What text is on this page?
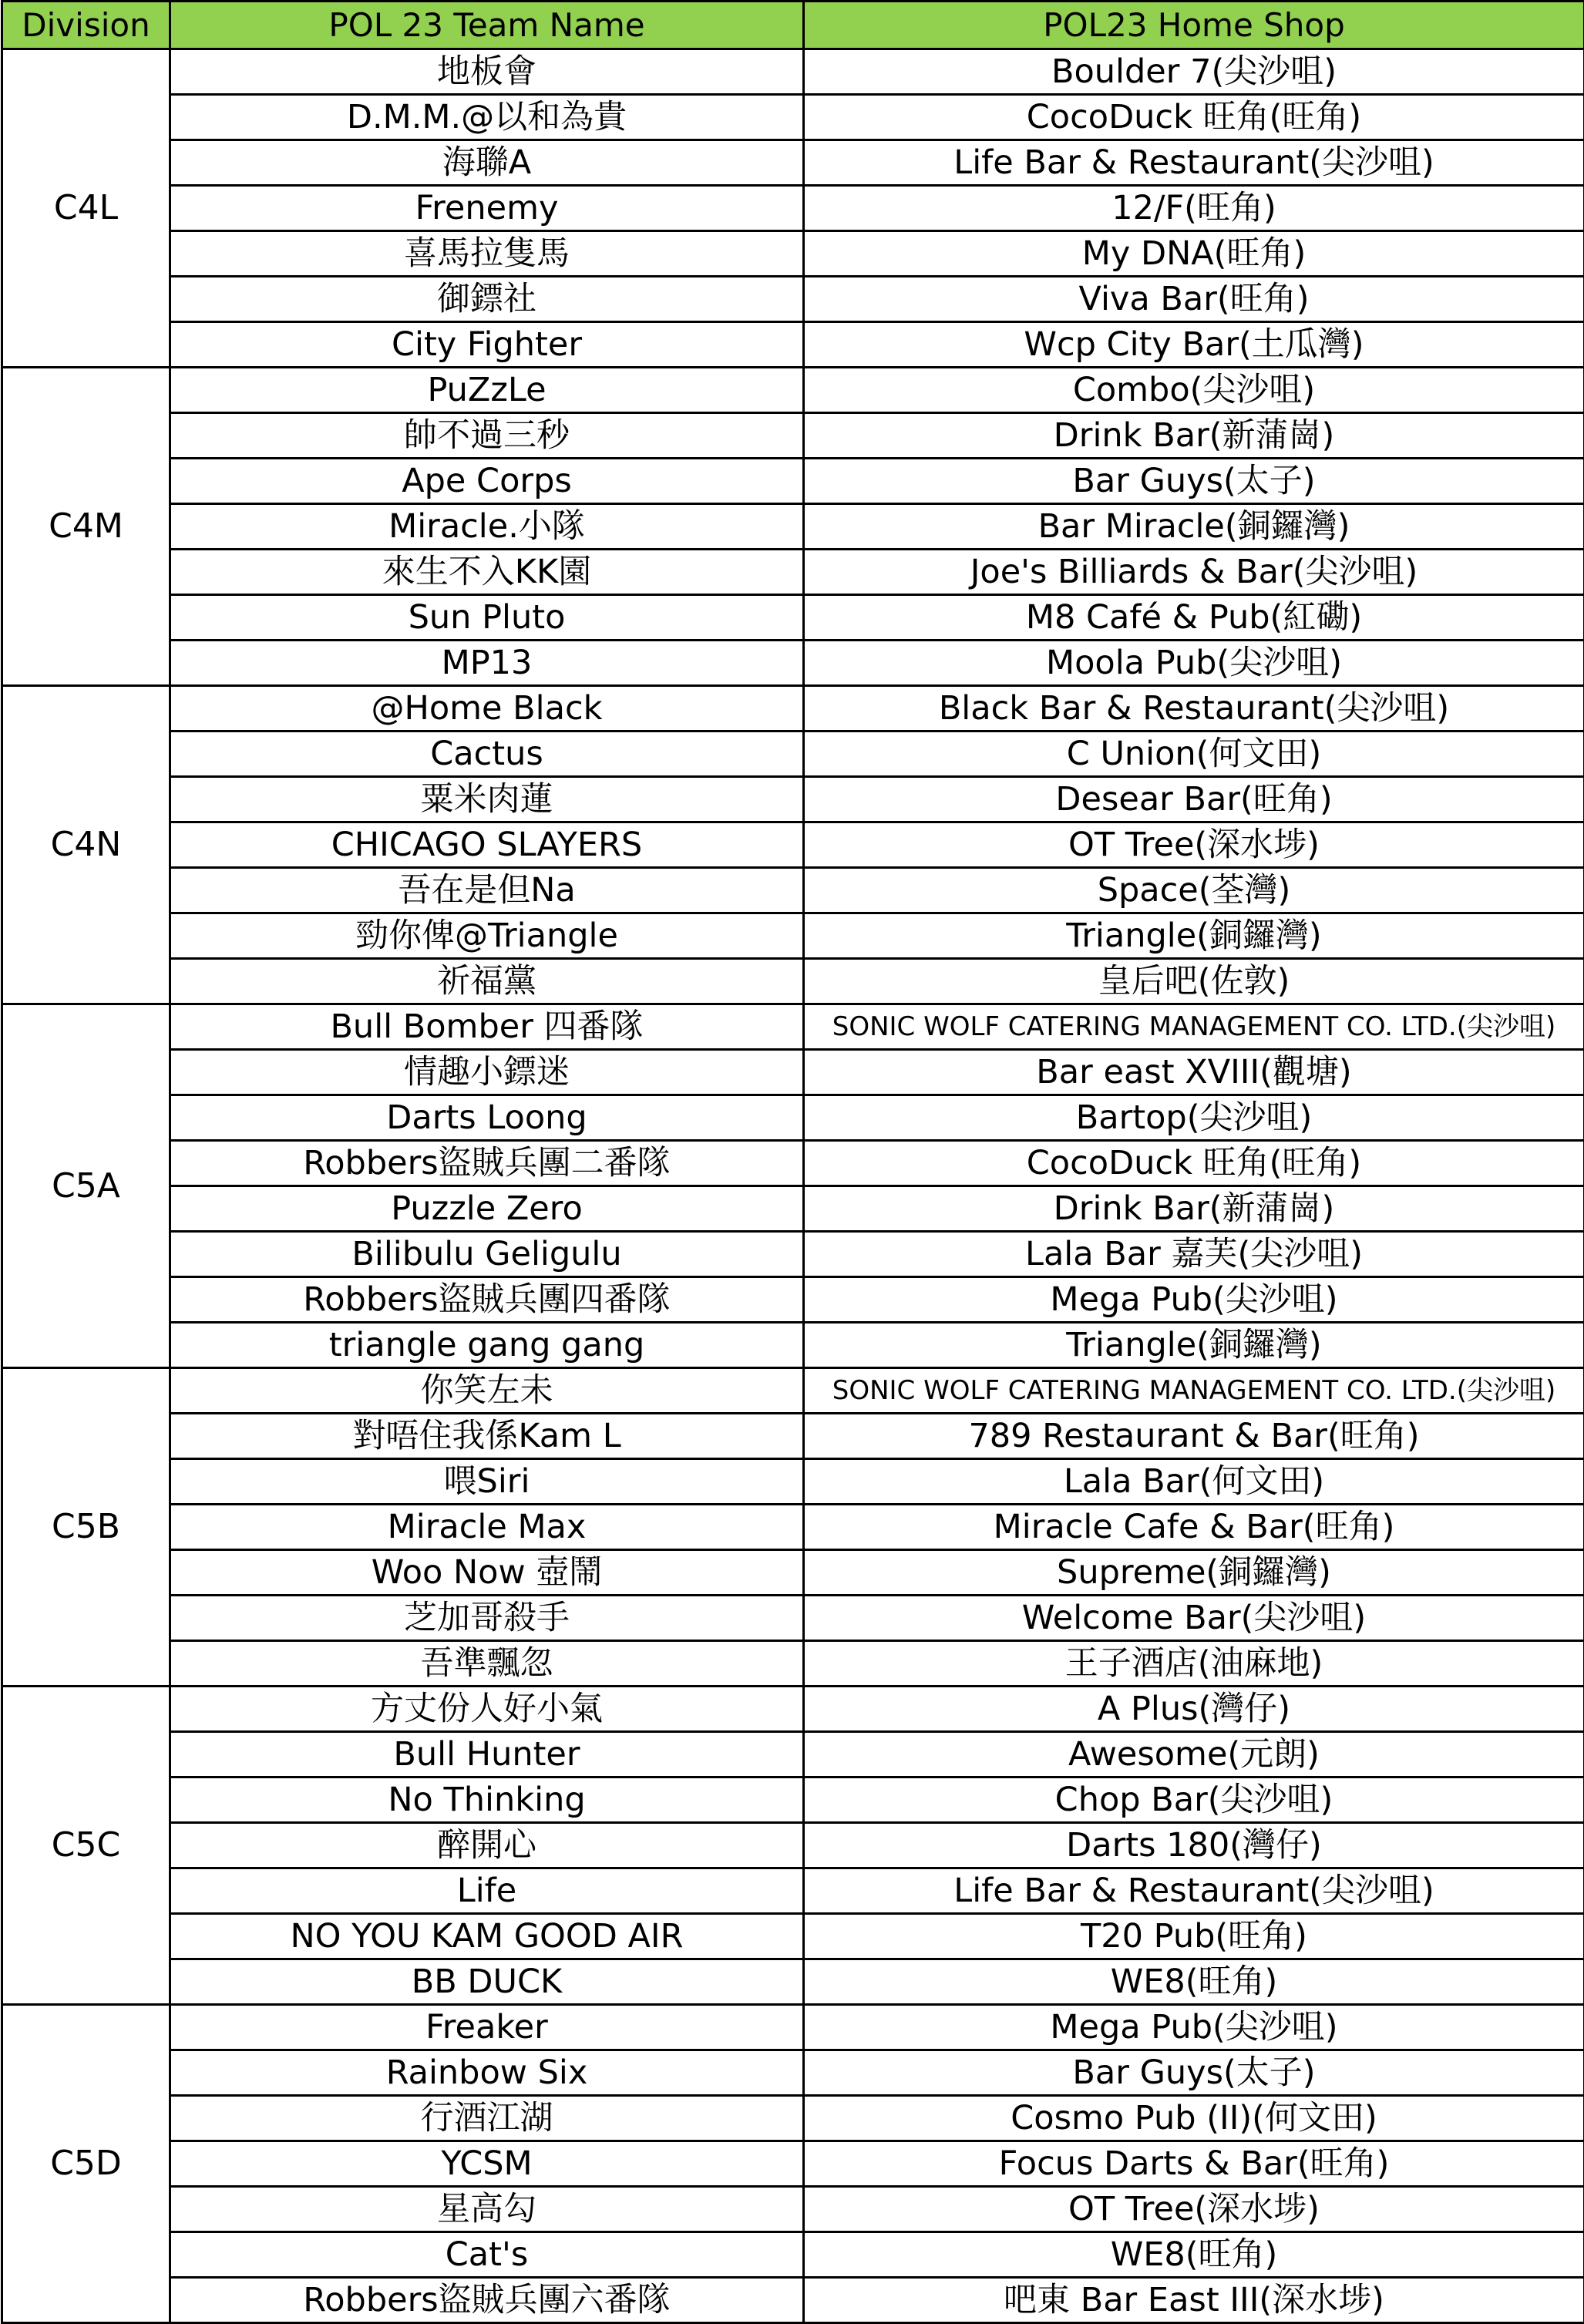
Division	POL 23 Team Name	POL23 Home Shop
C4L	地板會	Boulder 7(尖沙咀)
	D.M.M.@以和為貴	CocoDuck 旺角(旺角)
	海聯A	Life Bar & Restaurant(尖沙咀)
	Frenemy	12/F(旺角)
	喜馬拉隻馬	My DNA(旺角)
	御鏢社	Viva Bar(旺角)
	City Fighter	Wcp City Bar(土瓜灣)
C4M	PuZzLe	Combo(尖沙咀)
	帥不過三秒	Drink Bar(新蒲崗)
	Ape Corps	Bar Guys(太子)
	Miracle.小隊	Bar Miracle(銅鑼灣)
	來生不入KK園	Joe's Billiards & Bar(尖沙咀)
	Sun Pluto	M8 Café & Pub(紅磡)
	MP13	Moola Pub(尖沙咀)
C4N	@Home Black	Black Bar & Restaurant(尖沙咀)
	Cactus	C Union(何文田)
	粟米肉蓮	Desear Bar(旺角)
	CHICAGO SLAYERS	OT Tree(深水埗)
	吾在是但Na	Space(荃灣)
	勁你俾@Triangle	Triangle(銅鑼灣)
	祈福黨	皇后吧(佐敦)
C5A	Bull Bomber 四番隊	SONIC WOLF CATERING MANAGEMENT CO. LTD.(尖沙咀)
	情趣小鏢迷	Bar east XVIII(觀塘)
	Darts Loong	Bartop(尖沙咀)
	Robbers盜賊兵團二番隊	CocoDuck 旺角(旺角)
	Puzzle Zero	Drink Bar(新蒲崗)
	Bilibulu Geligulu	Lala Bar 嘉芙(尖沙咀)
	Robbers盜賊兵團四番隊	Mega Pub(尖沙咀)
	triangle gang gang	Triangle(銅鑼灣)
C5B	你笑左未	SONIC WOLF CATERING MANAGEMENT CO. LTD.(尖沙咀)
	對唔住我係Kam L	789 Restaurant & Bar(旺角)
	喂Siri	Lala Bar(何文田)
	Miracle Max	Miracle Cafe & Bar(旺角)
	Woo Now 壺鬧	Supreme(銅鑼灣)
	芝加哥殺手	Welcome Bar(尖沙咀)
	吾準飄忽	王子酒店(油麻地)
C5C	方丈份人好小氣	A Plus(灣仔)
	Bull Hunter	Awesome(元朗)
	No Thinking	Chop Bar(尖沙咀)
	醉開心	Darts 180(灣仔)
	Life	Life Bar & Restaurant(尖沙咀)
	NO YOU KAM GOOD AIR	T20 Pub(旺角)
	BB DUCK	WE8(旺角)
C5D	Freaker	Mega Pub(尖沙咀)
	Rainbow Six	Bar Guys(太子)
	行酒江湖	Cosmo Pub (II)(何文田)
	YCSM	Focus Darts & Bar(旺角)
	星高勾	OT Tree(深水埗)
	Cat's	WE8(旺角)
	Robbers盜賊兵團六番隊	吧東 Bar East III(深水埗)
